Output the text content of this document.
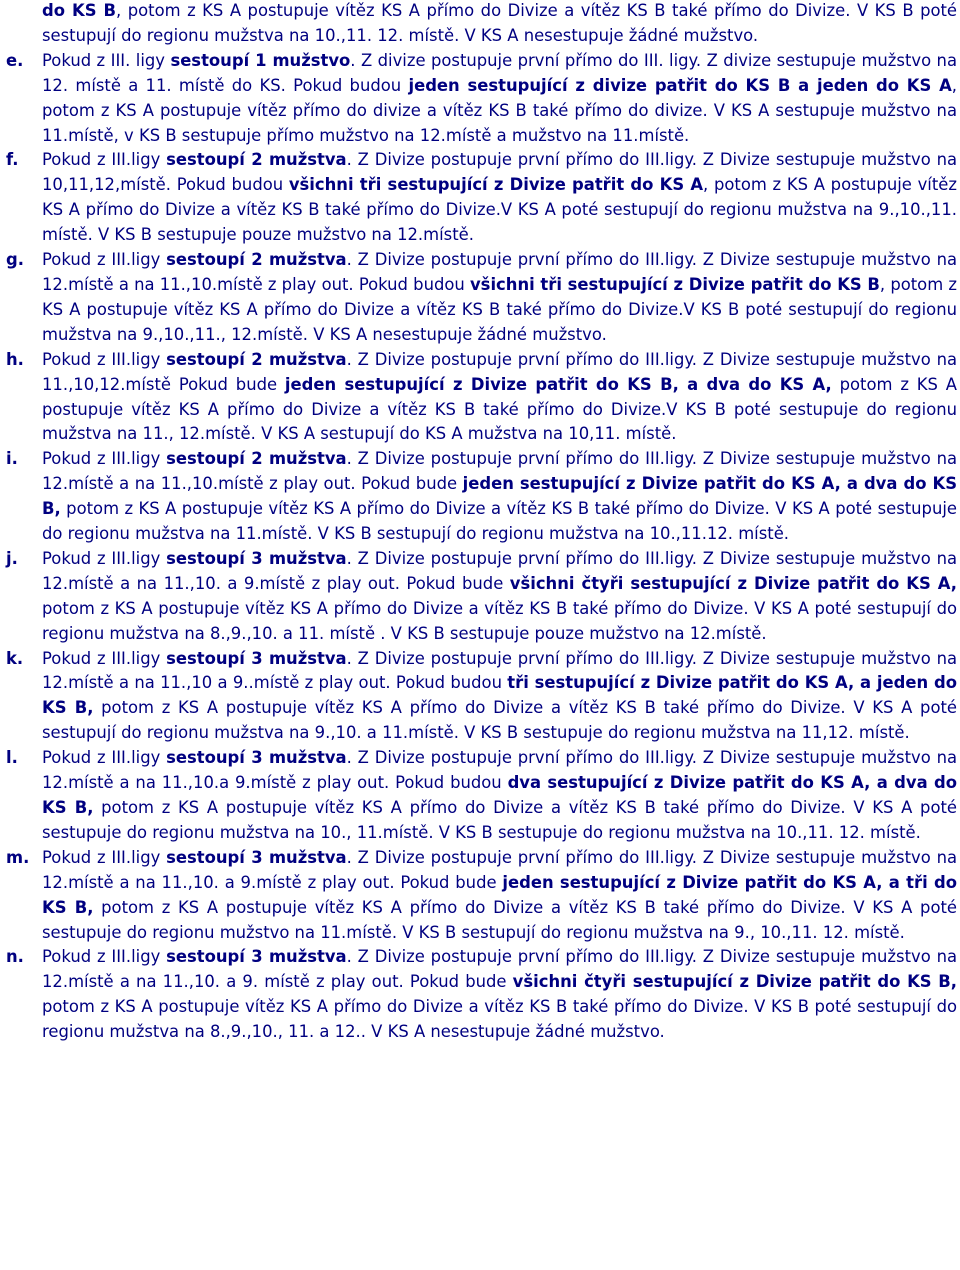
do KS B, potom z KS A postupuje vítěz KS A přímo do Divize a vítěz KS B také přímo do Divize. V KS B poté sestupují do regionu mužstva na 10.,11. 12. místě. V KS A nesestupuje žádné mužstvo.
e. Pokud z III. ligy sestoupí 1 mužstvo. Z divize postupuje první přímo do III. ligy. Z divize sestupuje mužstvo na 12. místě a 11. místě do KS. Pokud budou jeden sestupující z divize patřit do KS B a jeden do KS A, potom z KS A postupuje vítěz přímo do divize a vítěz KS B také přímo do divize. V KS A sestupuje mužstvo na 11.místě, v KS B sestupuje přímo mužstvo na 12.místě a mužstvo na 11.místě.
f. Pokud z III.ligy sestoupí 2 mužstva. Z Divize postupuje první přímo do III.ligy. Z Divize sestupuje mužstvo na 10,11,12,místě. Pokud budou všichni tři sestupující z Divize patřit do KS A, potom z KS A postupuje vítěz KS A přímo do Divize a vítěz KS B také přímo do Divize.V KS A poté sestupují do regionu mužstva na 9.,10.,11. místě. V KS B sestupuje pouze mužstvo na 12.místě.
g. Pokud z III.ligy sestoupí 2 mužstva. Z Divize postupuje první přímo do III.ligy. Z Divize sestupuje mužstvo na 12.místě a na 11.,10.místě z play out. Pokud budou všichni tři sestupující z Divize patřit do KS B, potom z KS A postupuje vítěz KS A přímo do Divize a vítěz KS B také přímo do Divize.V KS B poté sestupují do regionu mužstva na 9.,10.,11., 12.místě. V KS A nesestupuje žádné mužstvo.
h. Pokud z III.ligy sestoupí 2 mužstva. Z Divize postupuje první přímo do III.ligy. Z Divize sestupuje mužstvo na 11.,10,12.místě Pokud bude jeden sestupující z Divize patřit do KS B, a dva do KS A, potom z KS A postupuje vítěz KS A přímo do Divize a vítěz KS B také přímo do Divize.V KS B poté sestupuje do regionu mužstva na 11., 12.místě. V KS A sestupují do KS A mužstva na 10,11. místě.
i. Pokud z III.ligy sestoupí 2 mužstva. Z Divize postupuje první přímo do III.ligy. Z Divize sestupuje mužstvo na 12.místě a na 11.,10.místě z play out. Pokud bude jeden sestupující z Divize patřit do KS A, a dva do KS B, potom z KS A postupuje vítěz KS A přímo do Divize a vítěz KS B také přímo do Divize. V KS A poté sestupuje do regionu mužstva na 11.místě. V KS B sestupují do regionu mužstva na 10.,11.12. místě.
j. Pokud z III.ligy sestoupí 3 mužstva. Z Divize postupuje první přímo do III.ligy. Z Divize sestupuje mužstvo na 12.místě a na 11.,10. a 9.místě z play out. Pokud bude všichni čtyři sestupující z Divize patřit do KS A, potom z KS A postupuje vítěz KS A přímo do Divize a vítěz KS B také přímo do Divize. V KS A poté sestupují do regionu mužstva na 8.,9.,10. a 11. místě . V KS B sestupuje pouze mužstvo na 12.místě.
k. Pokud z III.ligy sestoupí 3 mužstva. Z Divize postupuje první přímo do III.ligy. Z Divize sestupuje mužstvo na 12.místě a na 11.,10 a 9..místě z play out. Pokud budou tři sestupující z Divize patřit do KS A, a jeden do KS B, potom z KS A postupuje vítěz KS A přímo do Divize a vítěz KS B také přímo do Divize. V KS A poté sestupují do regionu mužstva na 9.,10. a 11.místě. V KS B sestupuje do regionu mužstva na 11,12. místě.
l. Pokud z III.ligy sestoupí 3 mužstva. Z Divize postupuje první přímo do III.ligy. Z Divize sestupuje mužstvo na 12.místě a na 11.,10.a 9.místě z play out. Pokud budou dva sestupující z Divize patřit do KS A, a dva do KS B, potom z KS A postupuje vítěz KS A přímo do Divize a vítěz KS B také přímo do Divize. V KS A poté sestupuje do regionu mužstva na 10., 11.místě. V KS B sestupuje do regionu mužstva na 10.,11. 12. místě.
m. Pokud z III.ligy sestoupí 3 mužstva. Z Divize postupuje první přímo do III.ligy. Z Divize sestupuje mužstvo na 12.místě a na 11.,10. a 9.místě z play out. Pokud bude jeden sestupující z Divize patřit do KS A, a tři do KS B, potom z KS A postupuje vítěz KS A přímo do Divize a vítěz KS B také přímo do Divize. V KS A poté sestupuje do regionu mužstvo na 11.místě. V KS B sestupují do regionu mužstva na 9., 10.,11. 12. místě.
n. Pokud z III.ligy sestoupí 3 mužstva. Z Divize postupuje první přímo do III.ligy. Z Divize sestupuje mužstvo na 12.místě a na 11.,10. a 9. místě z play out. Pokud bude všichni čtyři sestupující z Divize patřit do KS B, potom z KS A postupuje vítěz KS A přímo do Divize a vítěz KS B také přímo do Divize. V KS B poté sestupují do regionu mužstva na 8.,9.,10., 11. a 12.. V KS A nesestupuje žádné mužstvo.
